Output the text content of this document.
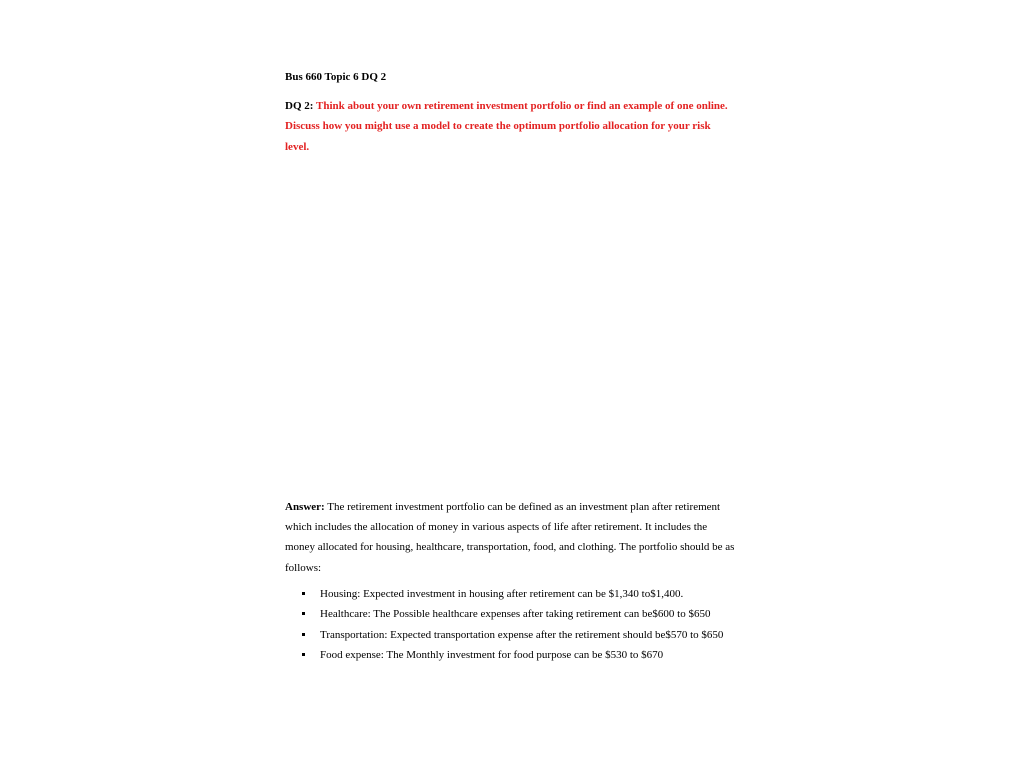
Bus 660 Topic 6 DQ 2
DQ 2: Think about your own retirement investment portfolio or find an example of one online. Discuss how you might use a model to create the optimum portfolio allocation for your risk level.
Answer: The retirement investment portfolio can be defined as an investment plan after retirement which includes the allocation of money in various aspects of life after retirement. It includes the money allocated for housing, healthcare, transportation, food, and clothing. The portfolio should be as follows:
Housing: Expected investment in housing after retirement can be $1,340 to$1,400.
Healthcare: The Possible healthcare expenses after taking retirement can be$600 to $650
Transportation: Expected transportation expense after the retirement should be$570 to $650
Food expense: The Monthly investment for food purpose can be $530 to $670
